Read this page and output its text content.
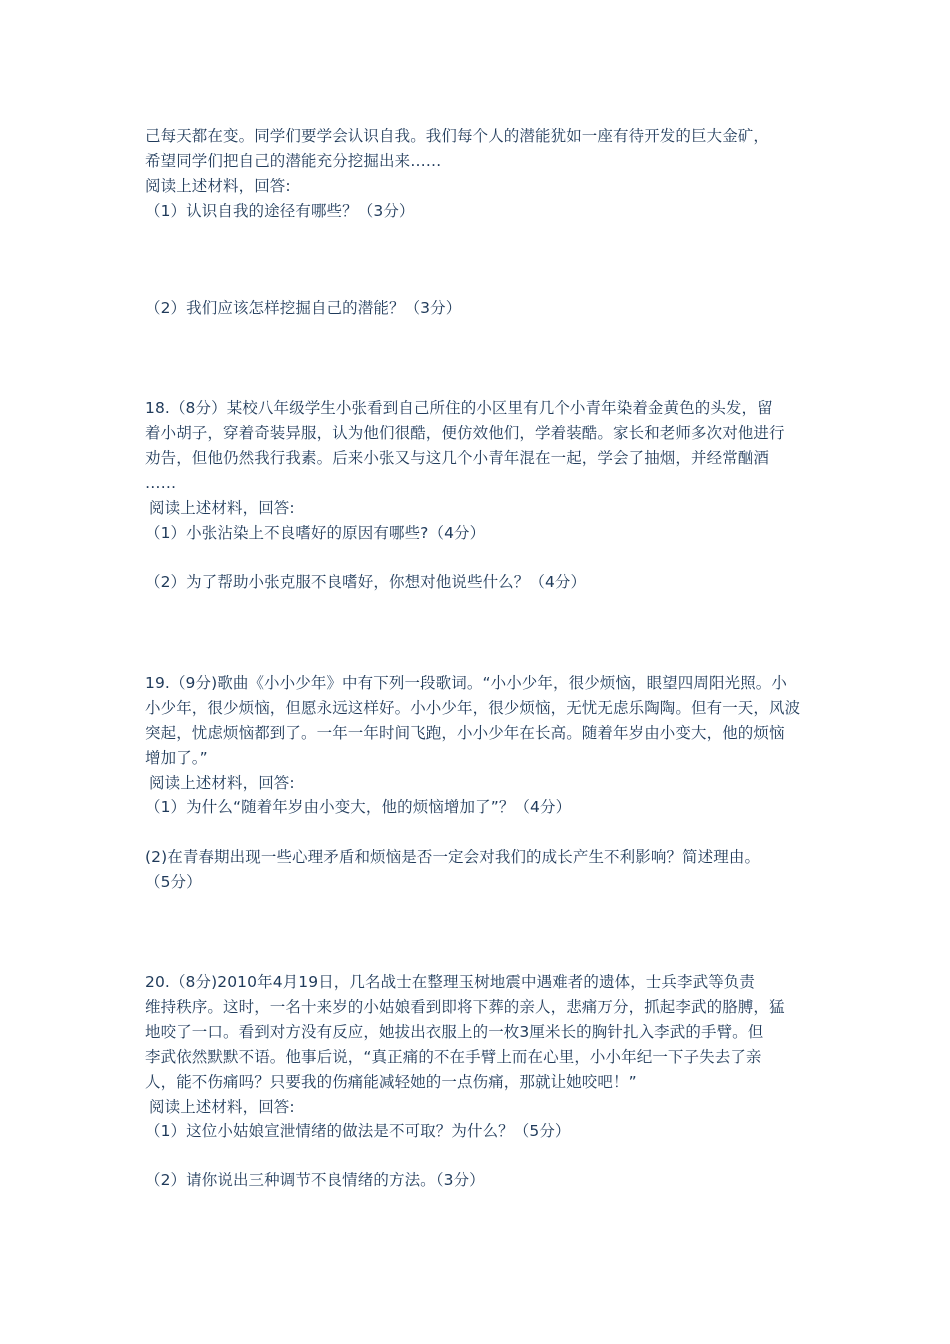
己每天都在变。同学们要学会认识自我。我们每个人的潜能犹如一座有待开发的巨大金矿，
希望同学们把自己的潜能充分挖掘出来……
阅读上述材料，回答:
（1）认识自我的途径有哪些？（3分）
（2）我们应该怎样挖掘自己的潜能？（3分）
18.（8分）某校八年级学生小张看到自己所住的小区里有几个小青年染着金黄色的头发，留
着小胡子，穿着奇装异服，认为他们很酷，便仿效他们，学着装酷。家长和老师多次对他进行
劝告，但他仍然我行我素。后来小张又与这几个小青年混在一起，学会了抽烟，并经常酗酒
……
阅读上述材料，回答:
（1）小张沾染上不良嗜好的原因有哪些?（4分）
（2）为了帮助小张克服不良嗜好，你想对他说些什么？（4分）
19.（9分)歌曲《小小少年》中有下列一段歌词。“小小少年，很少烦恼，眼望四周阳光照。小
小少年，很少烦恼，但愿永远这样好。小小少年，很少烦恼，无忧无虑乐陶陶。但有一天，风波
突起，忧虑烦恼都到了。一年一年时间飞跑，小小少年在长高。随着年岁由小变大，他的烦恼
增加了。”
阅读上述材料，回答:
（1）为什么“随着年岁由小变大，他的烦恼增加了”？（4分）
(2)在青春期出现一些心理矛盾和烦恼是否一定会对我们的成长产生不利影响？简述理由。
（5分）
20.（8分)2010年4月19日，几名战士在整理玉树地震中遇难者的遗体，士兵李武等负责
维持秩序。这时，一名十来岁的小姑娘看到即将下葬的亲人，悲痛万分，抓起李武的胳膊，猛
地咬了一口。看到对方没有反应，她拔出衣服上的一枚3厘米长的胸针扎入李武的手臂。但
李武依然默默不语。他事后说，“真正痛的不在手臂上而在心里，小小年纪一下子失去了亲
人，能不伤痛吗？只要我的伤痛能减轻她的一点伤痛，那就让她咬吧！”
阅读上述材料，回答:
（1）这位小姑娘宣泄情绪的做法是不可取？为什么？（5分）
（2）请你说出三种调节不良情绪的方法。（3分）
